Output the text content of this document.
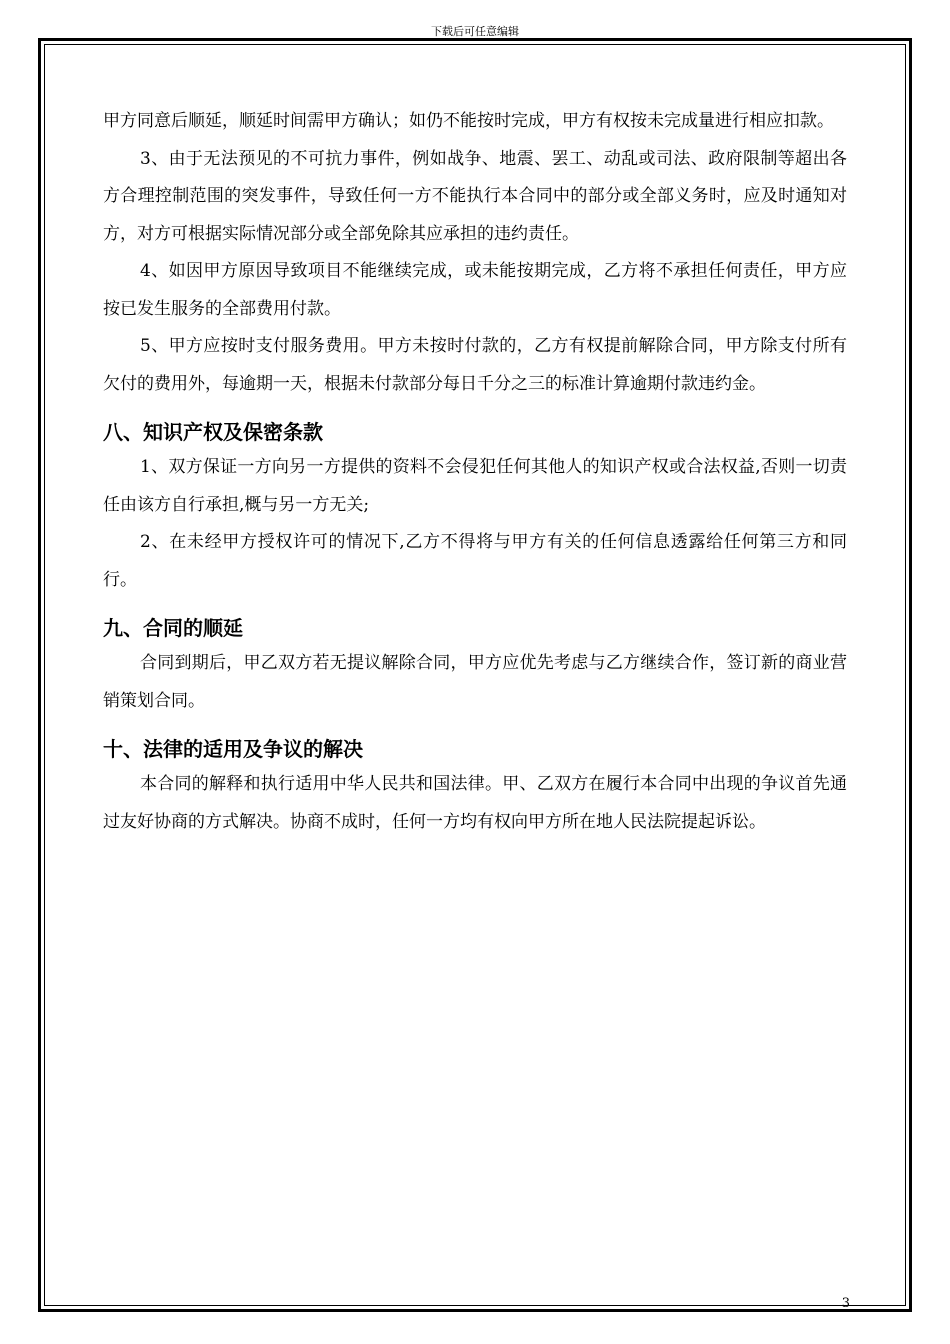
下载后可任意编辑

甲方同意后顺延，顺延时间需甲方确认；如仍不能按时完成，甲方有权按未完成量进行相应扣款。

3、由于无法预见的不可抗力事件，例如战争、地震、罢工、动乱或司法、政府限制等超出各方合理控制范围的突发事件，导致任何一方不能执行本合同中的部分或全部义务时，应及时通知对方，对方可根据实际情况部分或全部免除其应承担的违约责任。

4、如因甲方原因导致项目不能继续完成，或未能按期完成，乙方将不承担任何责任，甲方应按已发生服务的全部费用付款。

5、甲方应按时支付服务费用。甲方未按时付款的，乙方有权提前解除合同，甲方除支付所有欠付的费用外，每逾期一天，根据未付款部分每日千分之三的标准计算逾期付款违约金。

八、知识产权及保密条款

1、双方保证一方向另一方提供的资料不会侵犯任何其他人的知识产权或合法权益,否则一切责任由该方自行承担,概与另一方无关;

2、在未经甲方授权许可的情况下,乙方不得将与甲方有关的任何信息透露给任何第三方和同行。

九、合同的顺延

合同到期后，甲乙双方若无提议解除合同，甲方应优先考虑与乙方继续合作，签订新的商业营销策划合同。

十、法律的适用及争议的解决

本合同的解释和执行适用中华人民共和国法律。甲、乙双方在履行本合同中出现的争议首先通过友好协商的方式解决。协商不成时，任何一方均有权向甲方所在地人民法院提起诉讼。

3
